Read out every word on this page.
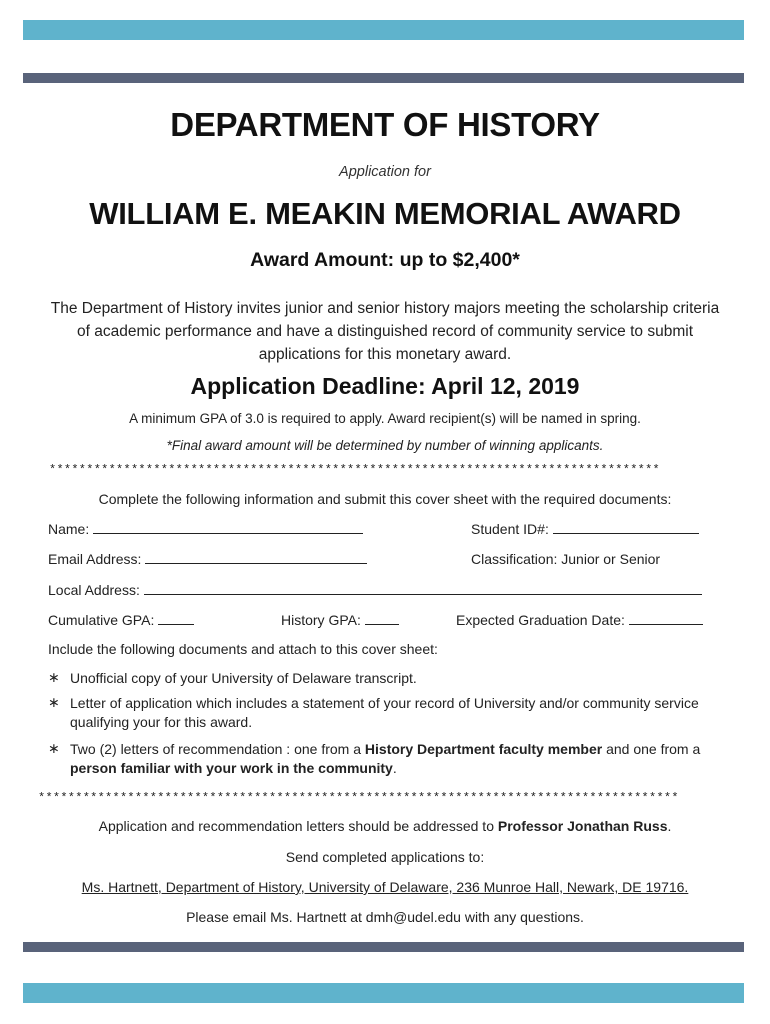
DEPARTMENT OF HISTORY
Application for
WILLIAM E. MEAKIN MEMORIAL AWARD
Award Amount: up to $2,400*
The Department of History invites junior and senior history majors meeting the scholarship criteria of academic performance and have a distinguished record of community service to submit applications for this monetary award.
Application Deadline: April 12, 2019
A minimum GPA of 3.0 is required to apply. Award recipient(s) will be named in spring.
*Final award amount will be determined by number of winning applicants.
**********************************************************************************
Complete the following information and submit this cover sheet with the required documents:
Name:	Student ID#:
Email Address:	Classification: Junior or Senior
Local Address:
Cumulative GPA:	History GPA:	Expected Graduation Date:
Include the following documents and attach to this cover sheet:
∗ Unofficial copy of your University of Delaware transcript.
∗ Letter of application which includes a statement of your record of University and/or community service qualifying your for this award.
∗ Two (2) letters of recommendation : one from a History Department faculty member and one from a person familiar with your work in the community.
**************************************************************************************
Application and recommendation letters should be addressed to Professor Jonathan Russ.
Send completed applications to:
Ms. Hartnett, Department of History, University of Delaware, 236 Munroe Hall, Newark, DE 19716.
Please email Ms. Hartnett at dmh@udel.edu with any questions.
